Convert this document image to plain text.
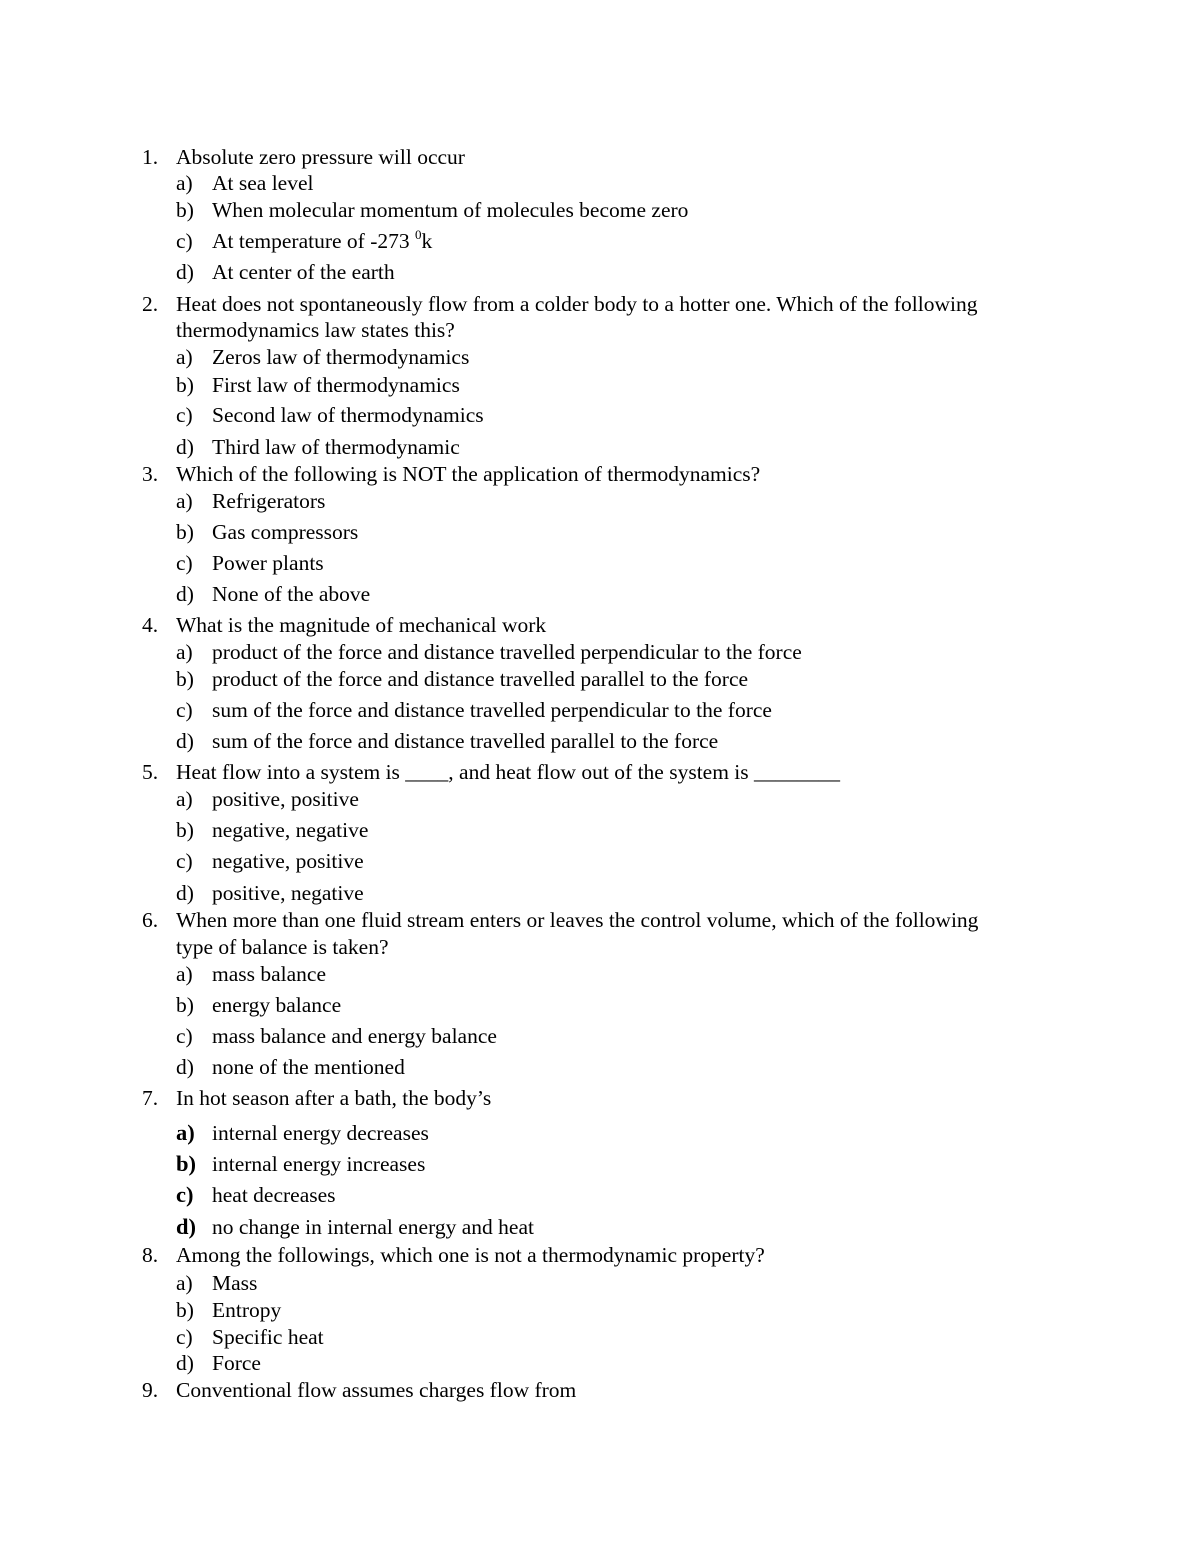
1. Absolute zero pressure will occur
a) At sea level
b) When molecular momentum of molecules become zero
c) At temperature of -273 $^0$k
d) At center of the earth
2. Heat does not spontaneously flow from a colder body to a hotter one. Which of the following
thermodynamics law states this?
a) Zeros law of thermodynamics
b) First law of thermodynamics
c) Second law of thermodynamics
d) Third law of thermodynamic
3. Which of the following is NOT the application of thermodynamics?
a) Refrigerators
b) Gas compressors
c) Power plants
d) None of the above
4. What is the magnitude of mechanical work
a) product of the force and distance travelled perpendicular to the force
b) product of the force and distance travelled parallel to the force
c) sum of the force and distance travelled perpendicular to the force
d) sum of the force and distance travelled parallel to the force
5. Heat flow into a system is ____, and heat flow out of the system is ________
a) positive, positive
b) negative, negative
c) negative, positive
d) positive, negative
6. When more than one fluid stream enters or leaves the control volume, which of the following
type of balance is taken?
a) mass balance
b) energy balance
c) mass balance and energy balance
d) none of the mentioned
7. In hot season after a bath, the body’s
a) internal energy decreases
b) internal energy increases
c) heat decreases
d) no change in internal energy and heat
8. Among the followings, which one is not a thermodynamic property?
a) Mass
b) Entropy
c) Specific heat
d) Force
9. Conventional flow assumes charges flow from
